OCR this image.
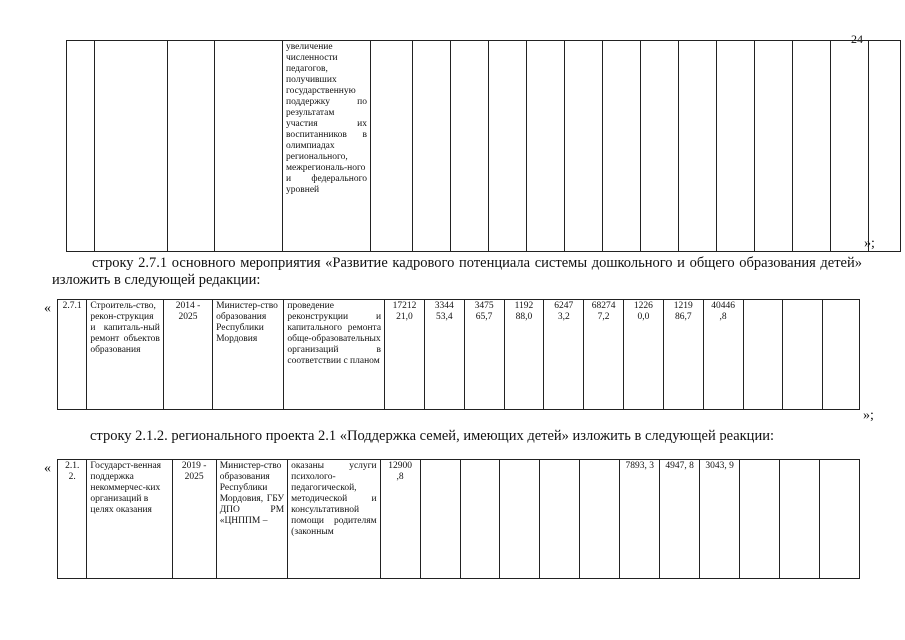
24
				увеличение численности педагогов, получивших государственную поддержку по результатам участия их воспитанников в олимпиадах регионального, межрегиональ-ного и федерального уровней														
»;
строку 2.7.1 основного мероприятия «Развитие кадрового потенциала системы дошкольного и общего образования детей» изложить в следующей редакции:
« 2.7.1	Строитель-ство, рекон-струкция и капиталь-ный ремонт объектов образования	2014 - 2025	Министер-ство образования Республики Мордовия	проведение реконструкции и капитального ремонта обще-образовательных организаций в соответствии с планом	17212 21,0	3344 53,4	3475 65,7	1192 88,0	6247 3,2	68274 7,2	1226 0,0	1219 86,7	40446 ,8			
»;
строку 2.1.2. регионального проекта 2.1 «Поддержка семей, имеющих детей» изложить в следующей реакции:
« 2.1. 2.	Государст-венная поддержка некоммерчес-ких организаций в целях оказания	2019 - 2025	Министер-ство образования Республики Мордовия, ГБУ ДПО РМ «ЦНППМ –	оказаны услуги психолого-педагогической, методической и консультативной помощи родителям (законным	12900 ,8						7893, 3	4947, 8	3043, 9			
